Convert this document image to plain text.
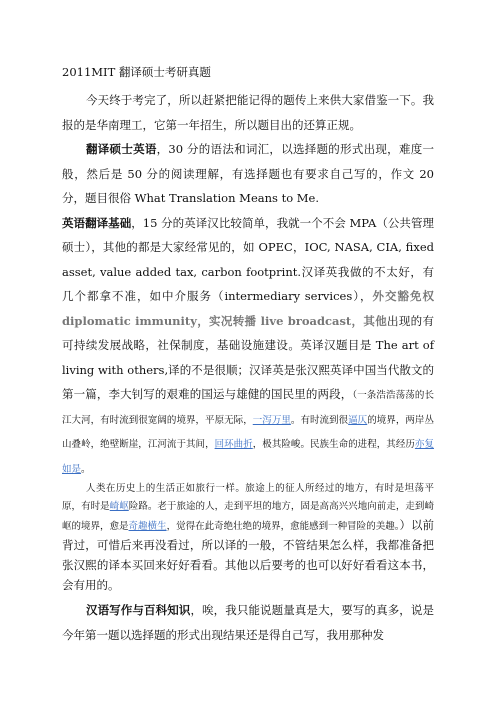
2011MIT 翻译硕士考研真题

今天终于考完了，所以赶紧把能记得的题传上来供大家借鉴一下。我报的是华南理工，它第一年招生，所以题目出的还算正规。

翻译硕士英语，30 分的语法和词汇，以选择题的形式出现，难度一般，然后是 50 分的阅读理解，有选择题也有要求自己写的，作文 20 分，题目很俗 What Translation Means to Me.

英语翻译基础，15 分的英译汉比较简单，我就一个不会 MPA（公共管理硕士），其他的都是大家经常见的，如 OPEC，IOC, NASA, CIA, fixed asset, value added tax, carbon footprint.汉译英我做的不太好，有几个都拿不准，如中介服务（intermediary services），外交豁免权 diplomatic immunity，实况转播 live broadcast，其他出现的有可持续发展战略，社保制度，基础设施建设。英译汉题目是 The art of living with others,译的不是很顺；汉译英是张汉熙英译中国当代散文的第一篇，李大钊写的艰难的国运与雄健的国民里的两段，（一条浩浩荡荡的长江大河，有时流到很宽阔的境界，平原无际，一泻万里。有时流到很逼仄的境界，两岸丛山叠岭，绝壁断崖，江河流于其间，回环曲折，极其险峻。民族生命的进程，其经历亦复如是。

人类在历史上的生活正如旅行一样。旅途上的征人所经过的地方，有时是坦荡平原，有时是崎岖险路。老于旅途的人，走到平坦的地方，固是高高兴兴地向前走，走到崎岖的境界，愈是奇趣横生，觉得在此奇绝壮绝的境界，愈能感到一种冒险的美趣。）以前背过，可惜后来再没看过，所以译的一般，不管结果怎么样，我都准备把张汉熙的译本买回来好好看看。其他以后要考的也可以好好看看这本书，会有用的。

汉语写作与百科知识，唉，我只能说题量真是大，要写的真多，说是今年第一题以选择题的形式出现结果还是得自己写，我用那种发
